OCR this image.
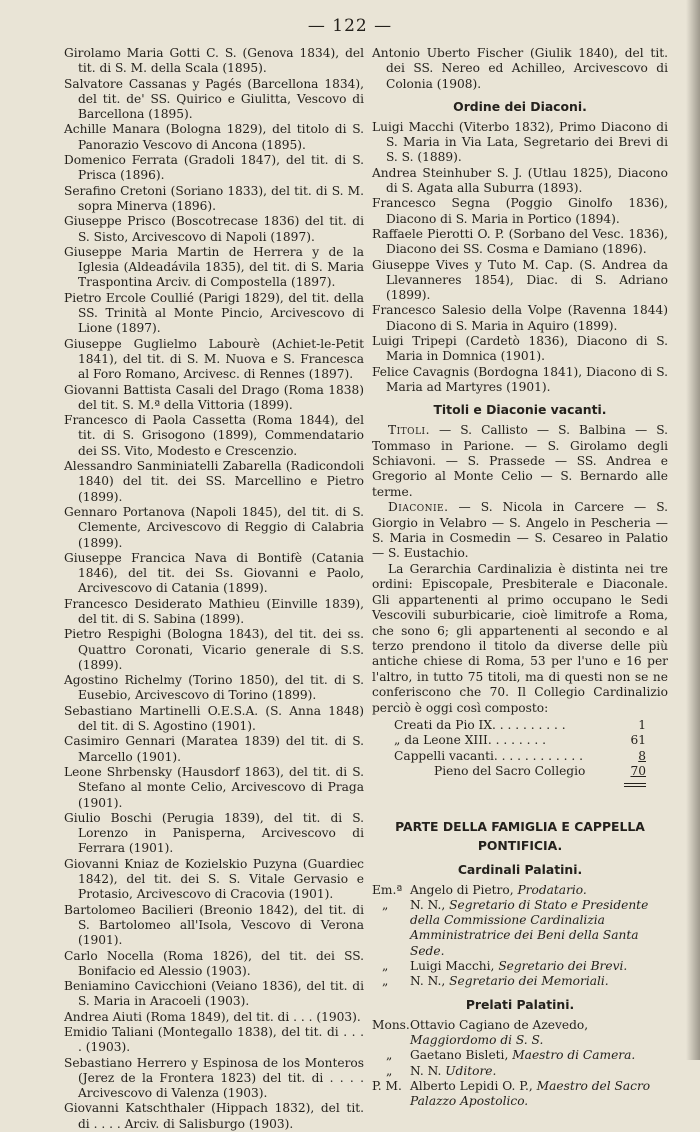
— 122 —

Girolamo Maria Gotti C. S. (Genova 1834), del tit. di S. M. della Scala (1895).

Salvatore Cassanas y Pagés (Barcellona 1834), del tit. de' SS. Quirico e Giulitta, Vescovo di Barcellona (1895).

Achille Manara (Bologna 1829), del titolo di S. Panorazio Vescovo di Ancona (1895).

Domenico Ferrata (Gradoli 1847), del tit. di S. Prisca (1896).

Serafino Cretoni (Soriano 1833), del tit. di S. M. sopra Minerva (1896).

Giuseppe Prisco (Boscotrecase 1836) del tit. di S. Sisto, Arcivescovo di Napoli (1897).

Giuseppe Maria Martin de Herrera y de la Iglesia (Aldeadávila 1835), del tit. di S. Maria Traspontina Arciv. di Compostella (1897).

Pietro Ercole Coullié (Parigi 1829), del tit. della SS. Trinità al Monte Pincio, Arcivescovo di Lione (1897).

Giuseppe Guglielmo Labourè (Achiet-le-Petit 1841), del tit. di S. M. Nuova e S. Francesca al Foro Romano, Arcivesc. di Rennes (1897).

Giovanni Battista Casali del Drago (Roma 1838) del tit. S. M.ª della Vittoria (1899).

Francesco di Paola Cassetta (Roma 1844), del tit. di S. Grisogono (1899), Commendatario dei SS. Vito, Modesto e Crescenzio.

Alessandro Sanminiatelli Zabarella (Radicondoli 1840) del tit. dei SS. Marcellino e Pietro (1899).

Gennaro Portanova (Napoli 1845), del tit. di S. Clemente, Arcivescovo di Reggio di Calabria (1899).

Giuseppe Francica Nava di Bontifè (Catania 1846), del tit. dei Ss. Giovanni e Paolo, Arcivescovo di Catania (1899).

Francesco Desiderato Mathieu (Einville 1839), del tit. di S. Sabina (1899).

Pietro Respighi (Bologna 1843), del tit. dei ss. Quattro Coronati, Vicario generale di S.S. (1899).

Agostino Richelmy (Torino 1850), del tit. di S. Eusebio, Arcivescovo di Torino (1899).

Sebastiano Martinelli O.E.S.A. (S. Anna 1848) del tit. di S. Agostino (1901).

Casimiro Gennari (Maratea 1839) del tit. di S. Marcello (1901).

Leone Shrbensky (Hausdorf 1863), del tit. di S. Stefano al monte Celio, Arcivescovo di Praga (1901).

Giulio Boschi (Perugia 1839), del tit. di S. Lorenzo in Panisperna, Arcivescovo di Ferrara (1901).

Giovanni Kniaz de Kozielskio Puzyna (Guardiec 1842), del tit. dei S. S. Vitale Gervasio e Protasio, Arcivescovo di Cracovia (1901).

Bartolomeo Bacilieri (Breonio 1842), del tit. di S. Bartolomeo all'Isola, Vescovo di Verona (1901).

Carlo Nocella (Roma 1826), del tit. dei SS. Bonifacio ed Alessio (1903).

Beniamino Cavicchioni (Veiano 1836), del tit. di S. Maria in Aracoeli (1903).

Andrea Aiuti (Roma 1849), del tit. di . . . (1903).

Emidio Taliani (Montegallo 1838), del tit. di . . . . (1903).

Sebastiano Herrero y Espinosa de los Monteros (Jerez de la Frontera 1823) del tit. di . . . . Arcivescovo di Valenza (1903).

Giovanni Katschthaler (Hippach 1832), del tit. di . . . . Arciv. di Salisburgo (1903).

Antonio Uberto Fischer (Giulik 1840), del tit. dei SS. Nereo ed Achilleo, Arcivescovo di Colonia (1908).

Ordine dei Diaconi.

Luigi Macchi (Viterbo 1832), Primo Diacono di S. Maria in Via Lata, Segretario dei Brevi di S. S. (1889).

Andrea Steinhuber S. J. (Utlau 1825), Diacono di S. Agata alla Suburra (1893).

Francesco Segna (Poggio Ginolfo 1836), Diacono di S. Maria in Portico (1894).

Raffaele Pierotti O. P. (Sorbano del Vesc. 1836), Diacono dei SS. Cosma e Damiano (1896).

Giuseppe Vives y Tuto M. Cap. (S. Andrea da Llevanneres 1854), Diac. di S. Adriano (1899).

Francesco Salesio della Volpe (Ravenna 1844) Diacono di S. Maria in Aquiro (1899).

Luigi Tripepi (Cardetò 1836), Diacono di S. Maria in Domnica (1901).

Felice Cavagnis (Bordogna 1841), Diacono di S. Maria ad Martyres (1901).

Titoli e Diaconie vacanti.

Titoli. — S. Callisto — S. Balbina — S. Tommaso in Parione. — S. Girolamo degli Schiavoni. — S. Prassede — SS. Andrea e Gregorio al Monte Celio — S. Bernardo alle terme.

Diaconie. — S. Nicola in Carcere — S. Giorgio in Velabro — S. Angelo in Pescheria — S. Maria in Cosmedin — S. Cesareo in Palatio — S. Eustachio.

La Gerarchia Cardinalizia è distinta nei tre ordini: Episcopale, Presbiterale e Diaconale. Gli appartenenti al primo occupano le Sedi Vescovili suburbicarie, cioè limitrofe a Roma, che sono 6; gli appartenenti al secondo e al terzo prendono il titolo da diverse delle più antiche chiese di Roma, 53 per l'uno e 16 per l'altro, in tutto 75 titoli, ma di questi non se ne conferiscono che 70. Il Collegio Cardinalizio perciò è oggi così composto:

Creati da Pio IX. . . . . . . . . .	1
„ da Leone XIII. . . . . . . .	61
Cappelli vacanti. . . . . . . . . . . .	8
Pieno del Sacro Collegio	70
PARTE DELLA FAMIGLIA E CAPPELLA PONTIFICIA.
Cardinali Palatini.

Em.ª Angelo di Pietro, Prodatario.

„ N. N., Segretario di Stato e Presidente della Commissione Cardinalizia Amministratrice dei Beni della Santa Sede.

„ Luigi Macchi, Segretario dei Brevi.

„ N. N., Segretario dei Memoriali.

Prelati Palatini.

Mons. Ottavio Cagiano de Azevedo, Maggiordomo di S. S.

„ Gaetano Bisleti, Maestro di Camera.

„ N. N. Uditore.

P. M. Alberto Lepidi O. P., Maestro del Sacro Palazzo Apostolico.
